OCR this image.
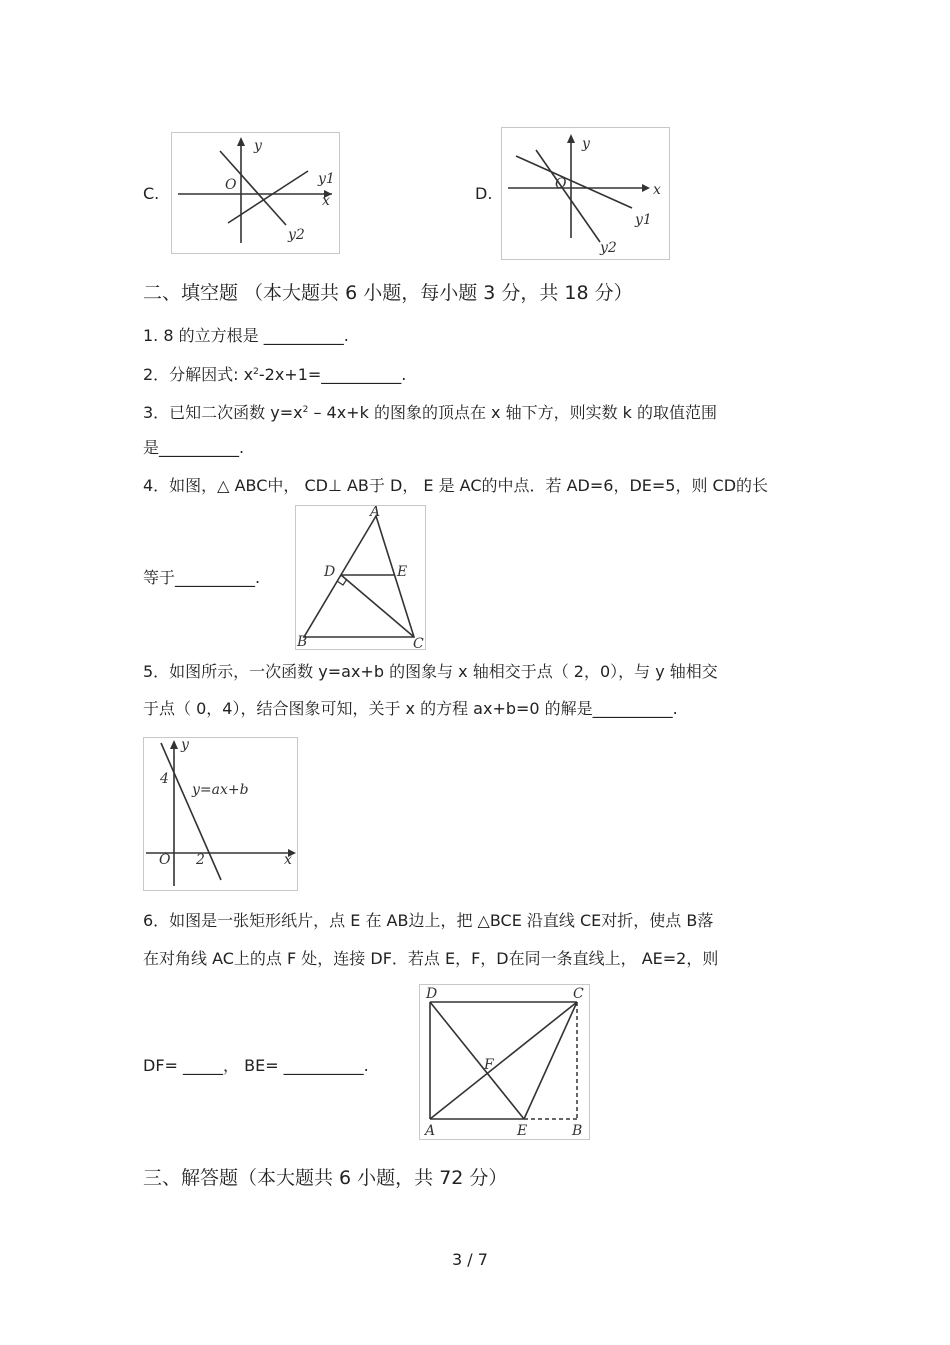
C.
y
x
O	y1
y2
D.
y
x
O
y1
y2
二、填空题 （本大题共 6 小题，每小题 3 分，共 18 分）
1. 8 的立方根是 __________.
2．分解因式: $x^2-2x+1=\_\_\_\_\_\_\_\_\_\_$.
3．已知二次函数 $y=x^2 - 4x+k$ 的图象的顶点在 x 轴下方，则实数 k 的取值范围
是__________.
4．如图，△ ABC中， CD⊥ AB于 D， E 是 AC的中点．若 AD=6，DE=5，则 CD的长
等于__________.
A
B	C
D	E
5．如图所示，一次函数 y=ax+b 的图象与 x 轴相交于点（ 2，0），与 y 轴相交
于点（ 0，4），结合图象可知，关于 x 的方程 ax+b=0 的解是__________.
y
x
O
4
2
y=ax+b
6．如图是一张矩形纸片，点 E 在 AB边上，把 △BCE 沿直线 CE对折，使点 B落
在对角线 AC上的点 F 处，连接 DF．若点 E，F，D在同一条直线上， AE=2，则
DF= _____， BE= __________.
D	C
A	E	B
F
三、解答题（本大题共 6 小题，共 72 分）
3 / 7
